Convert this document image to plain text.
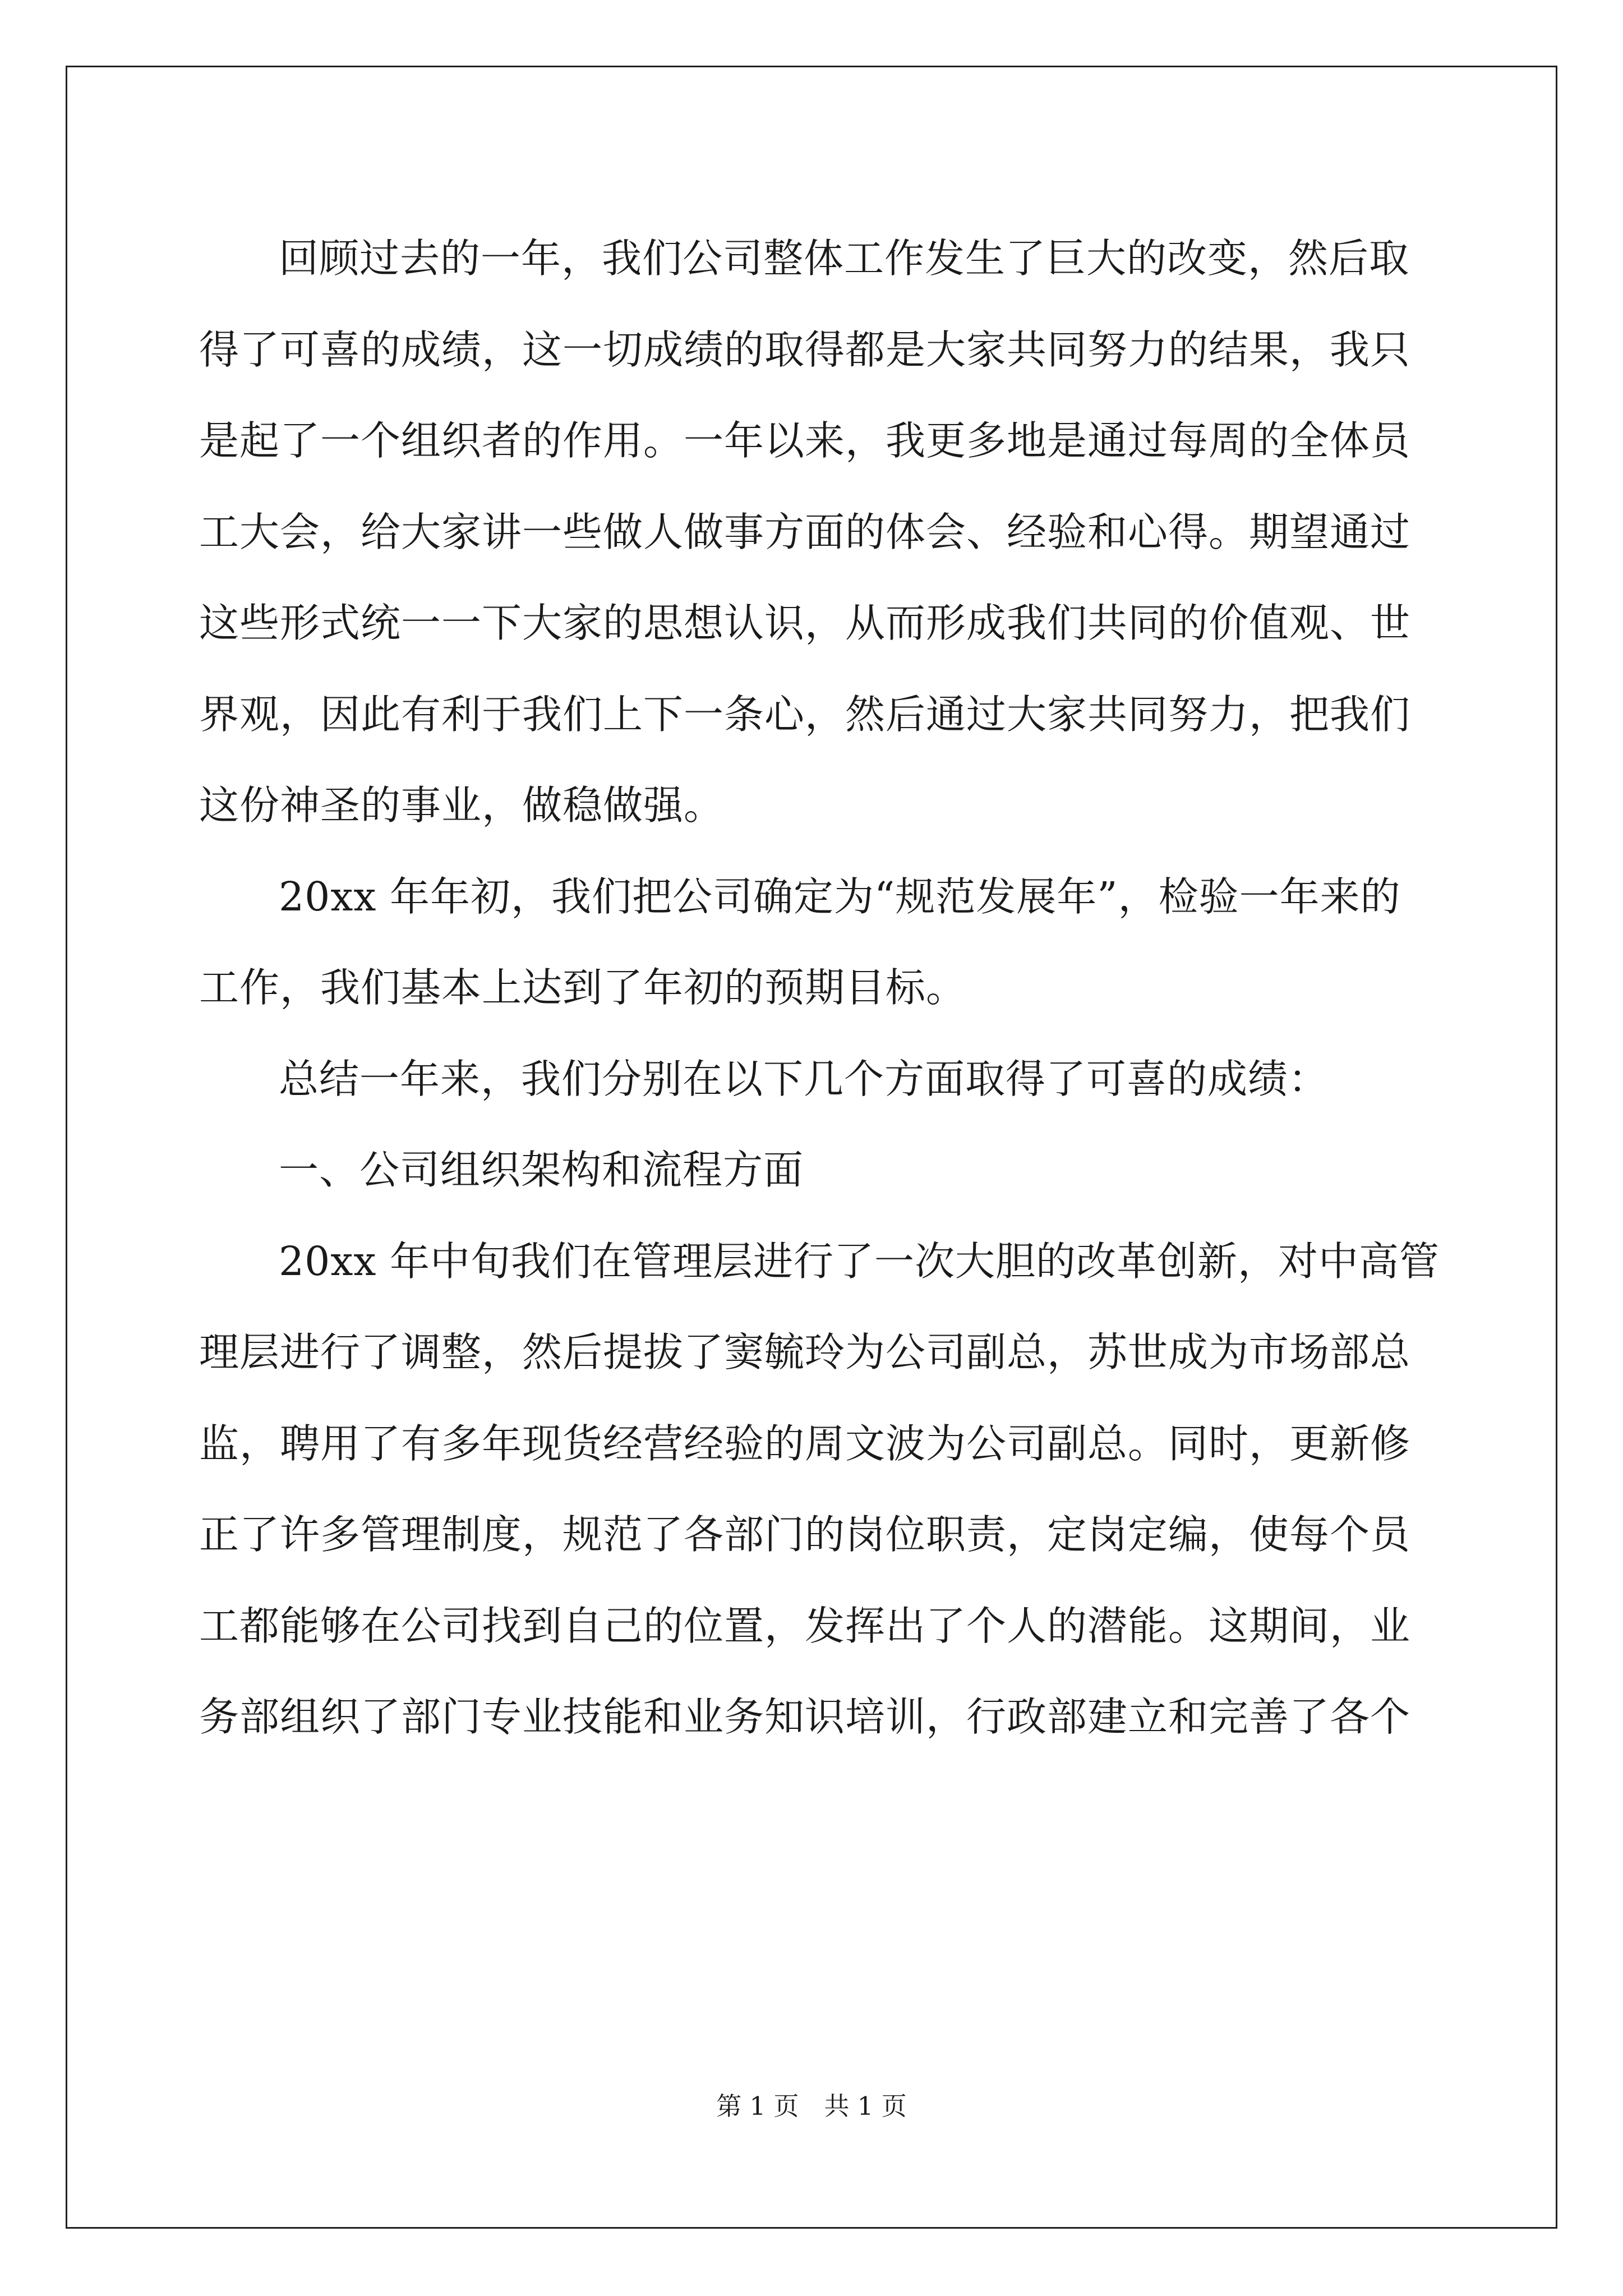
回顾过去的一年，我们公司整体工作发生了巨大的改变，然后取
得了可喜的成绩，这一切成绩的取得都是大家共同努力的结果，我只
是起了一个组织者的作用。一年以来，我更多地是通过每周的全体员
工大会，给大家讲一些做人做事方面的体会、经验和心得。期望通过
这些形式统一一下大家的思想认识，从而形成我们共同的价值观、世
界观，因此有利于我们上下一条心，然后通过大家共同努力，把我们
这份神圣的事业，做稳做强。
20xx 年年初，我们把公司确定为“规范发展年”，检验一年来的
工作，我们基本上达到了年初的预期目标。
总结一年来，我们分别在以下几个方面取得了可喜的成绩：
一、公司组织架构和流程方面
20xx 年中旬我们在管理层进行了一次大胆的改革创新，对中高管
理层进行了调整，然后提拔了窦毓玲为公司副总，苏世成为市场部总
监，聘用了有多年现货经营经验的周文波为公司副总。同时，更新修
正了许多管理制度，规范了各部门的岗位职责，定岗定编，使每个员
工都能够在公司找到自己的位置，发挥出了个人的潜能。这期间，业
务部组织了部门专业技能和业务知识培训，行政部建立和完善了各个
第 1 页　共 1 页
